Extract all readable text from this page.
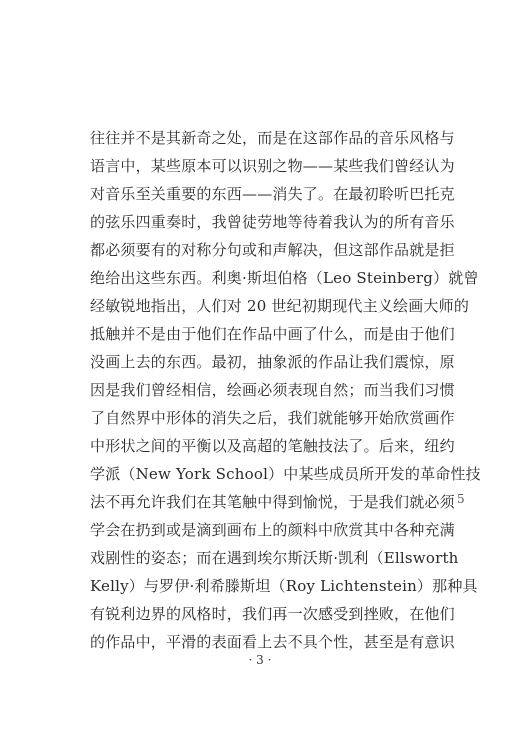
往往并不是其新奇之处，而是在这部作品的音乐风格与
语言中，某些原本可以识别之物——某些我们曾经认为
对音乐至关重要的东西——消失了。在最初聆听巴托克
的弦乐四重奏时，我曾徒劳地等待着我认为的所有音乐
都必须要有的对称分句或和声解决，但这部作品就是拒
绝给出这些东西。利奥·斯坦伯格（Leo Steinberg）就曾
经敏锐地指出，人们对 20 世纪初期现代主义绘画大师的
抵触并不是由于他们在作品中画了什么，而是由于他们
没画上去的东西。最初，抽象派的作品让我们震惊，原
因是我们曾经相信，绘画必须表现自然；而当我们习惯
了自然界中形体的消失之后，我们就能够开始欣赏画作
中形状之间的平衡以及高超的笔触技法了。后来，纽约
学派（New York School）中某些成员所开发的革命性技
法不再允许我们在其笔触中得到愉悦，于是我们就必须
学会在扔到或是滴到画布上的颜料中欣赏其中各种充满
戏剧性的姿态；而在遇到埃尔斯沃斯·凯利（Ellsworth
Kelly）与罗伊·利希滕斯坦（Roy Lichtenstein）那种具
有锐利边界的风格时，我们再一次感受到挫败，在他们
的作品中，平滑的表面看上去不具个性，甚至是有意识
5
· 3 ·
